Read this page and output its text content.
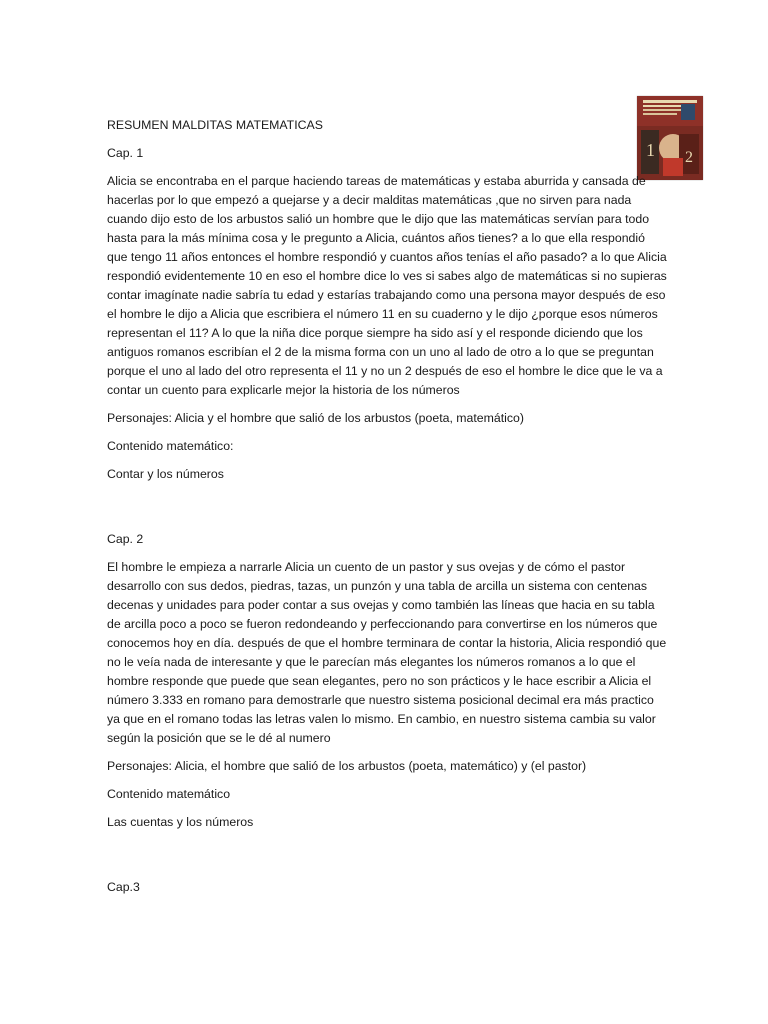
1 2

RESUMEN MALDITAS MATEMATICAS

Cap. 1

Alicia se encontraba en el parque haciendo tareas de matemáticas y estaba aburrida y cansada de hacerlas por lo que empezó a quejarse y a decir malditas matemáticas ,que no sirven para nada cuando dijo esto de los arbustos salió un hombre que le dijo que las matemáticas servían para todo hasta para la más mínima cosa y le pregunto a Alicia, cuántos años tienes? a lo que ella respondió que tengo 11 años entonces el hombre respondió y cuantos años tenías el año pasado? a lo que Alicia respondió evidentemente 10 en eso el hombre dice lo ves si sabes algo de matemáticas si no supieras contar imagínate nadie sabría tu edad y estarías trabajando como una persona mayor después de eso el hombre le dijo a Alicia que escribiera el número 11 en su cuaderno y le dijo ¿porque esos números representan el 11? A lo que la niña dice porque siempre ha sido así y el responde diciendo que los antiguos romanos escribían el 2 de la misma forma con un uno al lado de otro a lo que se preguntan porque el uno al lado del otro representa el 11 y no un 2 después de eso el hombre le dice que le va a contar un cuento para explicarle mejor la historia de los números

Personajes: Alicia y el hombre que salió de los arbustos (poeta, matemático)

Contenido matemático:

Contar y los números

Cap. 2

El hombre le empieza a narrarle Alicia un cuento de un pastor y sus ovejas y de cómo el pastor desarrollo con sus dedos, piedras, tazas, un punzón y una tabla de arcilla un sistema con centenas decenas y unidades para poder contar a sus ovejas y como también las líneas que hacia en su tabla de arcilla poco a poco se fueron redondeando y perfeccionando para convertirse en los números que conocemos hoy en día. después de que el hombre terminara de contar la historia, Alicia respondió que no le veía nada de interesante y que le parecían más elegantes los números romanos a lo que el hombre responde que puede que sean elegantes, pero no son prácticos y le hace escribir a Alicia el número 3.333 en romano para demostrarle que nuestro sistema posicional decimal era más practico ya que en el romano todas las letras valen lo mismo. En cambio, en nuestro sistema cambia su valor según la posición que se le dé al numero

Personajes: Alicia, el hombre que salió de los arbustos (poeta, matemático) y (el pastor)

Contenido matemático

Las cuentas y los números

Cap.3
